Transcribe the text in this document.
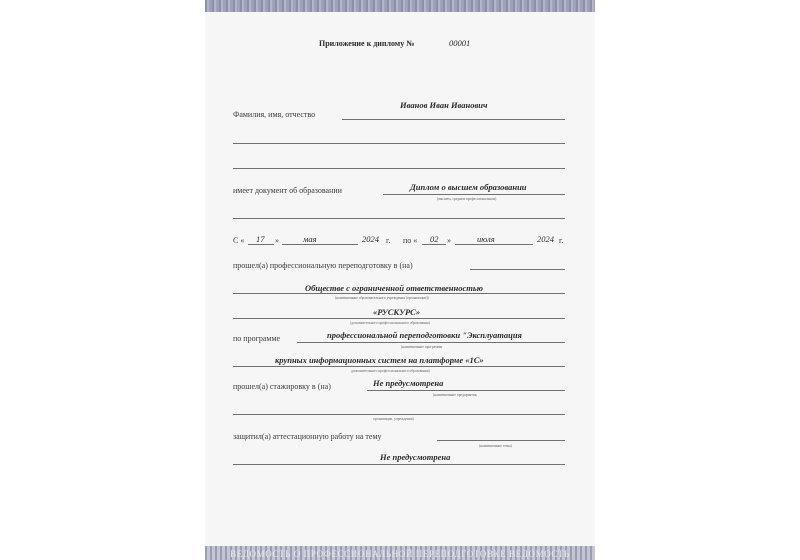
Приложение к диплому №	00001
Фамилия, имя, отчество
Иванов Иван Иванович
имеет документ об образовании	Диплом о высшем образовании
(высшем, среднем профессиональном)
С « 17 »	мая	2024 г. по « 02 »	июля	2024 г.
прошел(а) профессиональную переподготовку в (на)
Обществе с ограниченной ответственностью
(наименование образовательного учреждения (организации))
«РУСКУРС»
(дополнительного профессионального образования)
по программе	профессиональной переподготовки "Эксплуатация
(наименование программы
крупных информационных систем на платформе «1С»
дополнительного профессионального образования)
прошел(а) стажировку в (на)	Не предусмотрена
(наименование предприятия,
организации, учреждения)
защитил(а) аттестационную работу на тему
(наименование темы)
Не предусмотрена
ВЕДОМОСТЬ О ПРОФЕССИОНАЛЬНОЙ ПЕРЕПОДГОТОВКЕ ВЕДОМОСТЬ
